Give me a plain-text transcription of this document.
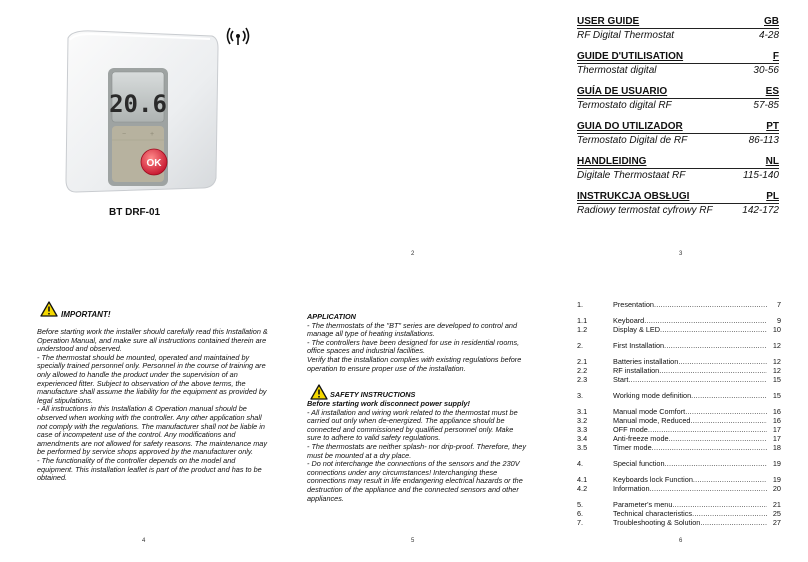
20.6
OK
−	+
BT DRF-01
2
USER GUIDE	GB
RF Digital Thermostat	4-28
GUIDE D'UTILISATION	F
Thermostat digital	30-56
GUÍA DE USUARIO	ES
Termostato digital RF	57-85
GUIA DO UTILIZADOR	PT
Termostato Digital de RF	86-113
HANDLEIDING	NL
Digitale Thermostaat RF	115-140
INSTRUKCJA OBSŁUGI	PL
Radiowy termostat cyfrowy RF	142-172
3
IMPORTANT!

Before starting work the installer should carefully read this Installation & Operation Manual, and make sure all instructions contained therein are understood and observed.

- The thermostat should be mounted, operated and maintained by specially trained personnel only. Personnel in the course of training are only allowed to handle the product under the supervision of an experienced fitter. Subject to observation of the above terms, the manufacture shall assume the liability for the equipment as provided by legal stipulations.

- All instructions in this Installation & Operation manual should be observed when working with the controller. Any other application shall not comply with the regulations. The manufacturer shall not be liable in case of incompetent use of the control. Any modifications and amendments are not allowed for safety reasons. The maintenance may be performed by service shops approved by the manufacturer only.

- The functionality of the controller depends on the model and equipment. This installation leaflet is part of the product and has to be obtained.

4

APPLICATION

- The thermostats of the "BT" series are developed to control and manage all type of heating installations.

- The controllers have been designed for use in residential rooms, office spaces and industrial facilities.

Verify that the installation complies with existing regulations before operation to ensure proper use of the installation.

SAFETY INSTRUCTIONS

Before starting work disconnect power supply!

- All installation and wiring work related to the thermostat must be carried out only when de-energized. The appliance should be connected and commissioned by qualified personnel only. Make sure to adhere to valid safety regulations.

- The thermostats are neither splash- nor drip-proof. Therefore, they must be mounted at a dry place.

- Do not interchange the connections of the sensors and the 230V connections under any circumstances! Interchanging these connections may result in life endangering electrical hazards or the destruction of the appliance and the connected sensors and other appliances.

5
1.	Presentation .....	7
1.1	Keyboard .....	9
1.2	Display & LED .....	10
2.	First Installation .....	12
2.1	Batteries installation .....	12
2.2	RF installation .....	12
2.3	Start .....	15
3.	Working mode definition .....	15
3.1	Manual mode Comfort .....	16
3.2	Manual mode, Reduced .....	16
3.3	OFF mode .....	17
3.4	Anti-freeze mode .....	17
3.5	Timer mode .....	18
4.	Special function .....	19
4.1	Keyboards lock Function .....	19
4.2	Information .....	20
5.	Parameter's menu .....	21
6.	Technical characteristics .....	25
7.	Troubleshooting & Solution .....	27
6
